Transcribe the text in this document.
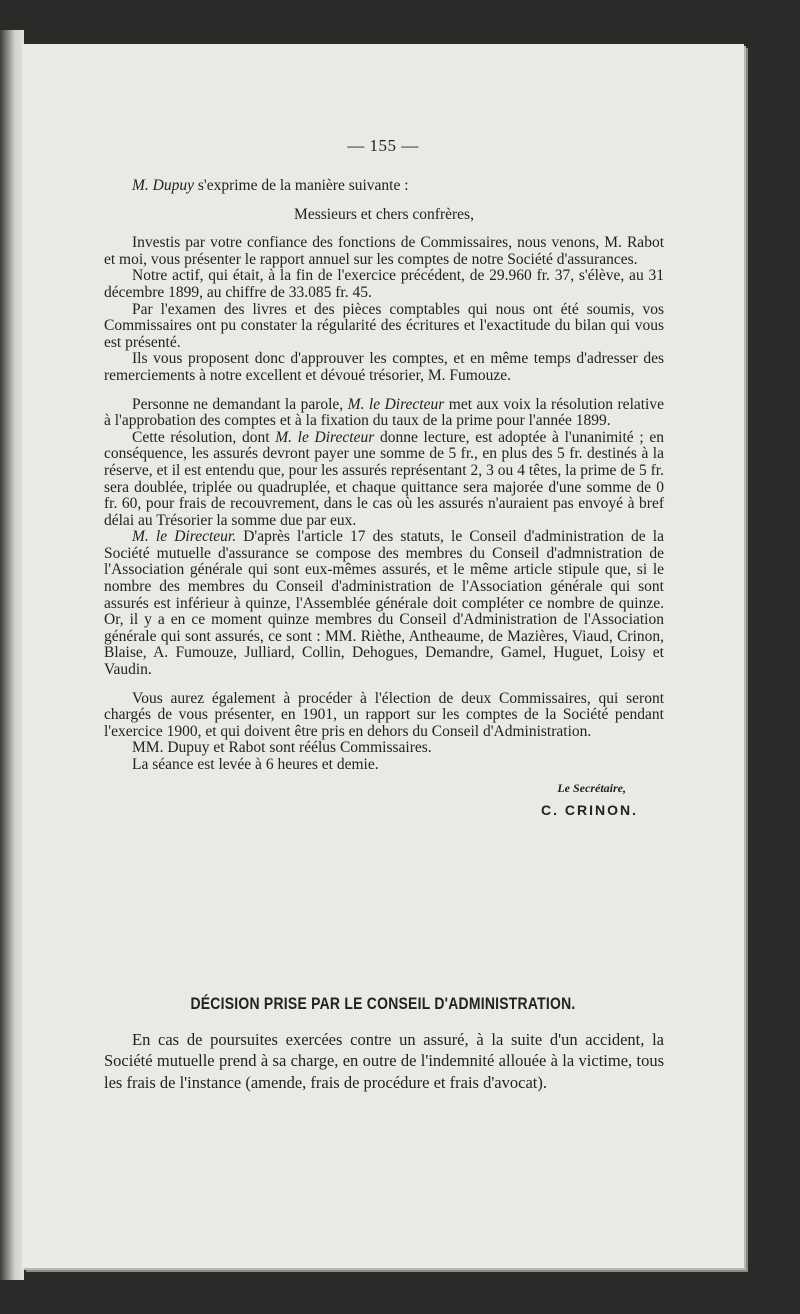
— 155 —

M. Dupuy s'exprime de la manière suivante :

Messieurs et chers confrères,

Investis par votre confiance des fonctions de Commissaires, nous venons, M. Rabot et moi, vous présenter le rapport annuel sur les comptes de notre Société d'assurances.

Notre actif, qui était, à la fin de l'exercice précédent, de 29.960 fr. 37, s'élève, au 31 décembre 1899, au chiffre de 33.085 fr. 45.

Par l'examen des livres et des pièces comptables qui nous ont été soumis, vos Commissaires ont pu constater la régularité des écritures et l'exactitude du bilan qui vous est présenté.

Ils vous proposent donc d'approuver les comptes, et en même temps d'adresser des remerciements à notre excellent et dévoué trésorier, M. Fumouze.

Personne ne demandant la parole, M. le Directeur met aux voix la résolution relative à l'approbation des comptes et à la fixation du taux de la prime pour l'année 1899.

Cette résolution, dont M. le Directeur donne lecture, est adoptée à l'unanimité ; en conséquence, les assurés devront payer une somme de 5 fr., en plus des 5 fr. destinés à la réserve, et il est entendu que, pour les assurés représentant 2, 3 ou 4 têtes, la prime de 5 fr. sera doublée, triplée ou quadruplée, et chaque quittance sera majorée d'une somme de 0 fr. 60, pour frais de recouvrement, dans le cas où les assurés n'auraient pas envoyé à bref délai au Trésorier la somme due par eux.

M. le Directeur. D'après l'article 17 des statuts, le Conseil d'administration de la Société mutuelle d'assurance se compose des membres du Conseil d'admnistration de l'Association générale qui sont eux-mêmes assurés, et le même article stipule que, si le nombre des membres du Conseil d'administration de l'Association générale qui sont assurés est inférieur à quinze, l'Assemblée générale doit compléter ce nombre de quinze. Or, il y a en ce moment quinze membres du Conseil d'Administration de l'Association générale qui sont assurés, ce sont : MM. Rièthe, Antheaume, de Mazières, Viaud, Crinon, Blaise, A. Fumouze, Julliard, Collin, Dehogues, Demandre, Gamel, Huguet, Loisy et Vaudin.

Vous aurez également à procéder à l'élection de deux Commissaires, qui seront chargés de vous présenter, en 1901, un rapport sur les comptes de la Société pendant l'exercice 1900, et qui doivent être pris en dehors du Conseil d'Administration.

MM. Dupuy et Rabot sont réélus Commissaires.

La séance est levée à 6 heures et demie.

Le Secrétaire,
C. CRINON.
DÉCISION PRISE PAR LE CONSEIL D'ADMINISTRATION.
En cas de poursuites exercées contre un assuré, à la suite d'un accident, la Société mutuelle prend à sa charge, en outre de l'indemnité allouée à la victime, tous les frais de l'instance (amende, frais de procédure et frais d'avocat).
